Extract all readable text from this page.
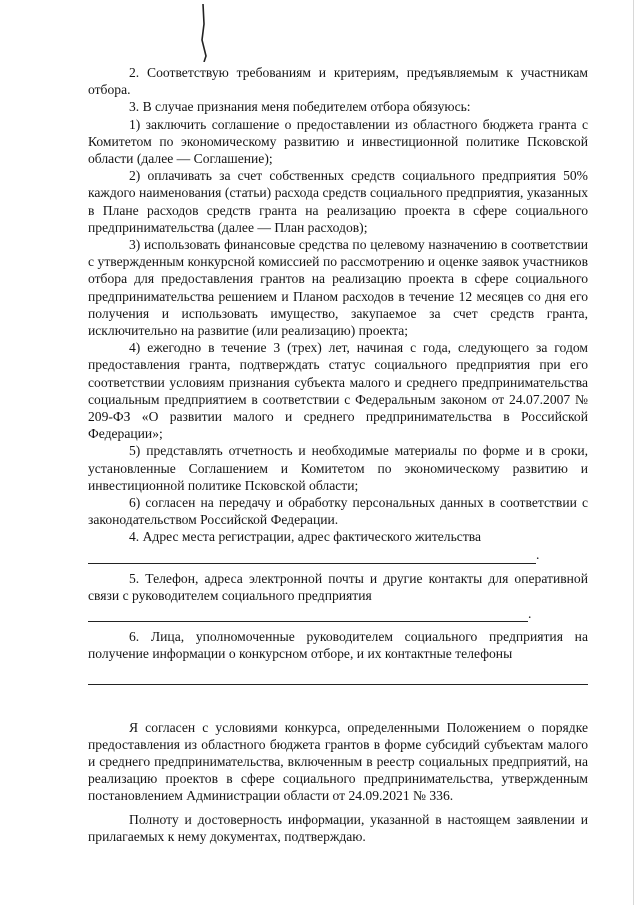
2. Соответствую требованиям и критериям, предъявляемым к участникам отбора.

3. В случае признания меня победителем отбора обязуюсь:

1) заключить соглашение о предоставлении из областного бюджета гранта с Комитетом по экономическому развитию и инвестиционной политике Псковской области (далее — Соглашение);

2) оплачивать за счет собственных средств социального предприятия 50% каждого наименования (статьи) расхода средств социального предприятия, указанных в Плане расходов средств гранта на реализацию проекта в сфере социального предпринимательства (далее — План расходов);

3) использовать финансовые средства по целевому назначению в соответствии с утвержденным конкурсной комиссией по рассмотрению и оценке заявок участников отбора для предоставления грантов на реализацию проекта в сфере социального предпринимательства решением и Планом расходов в течение 12 месяцев со дня его получения и использовать имущество, закупаемое за счет средств гранта, исключительно на развитие (или реализацию) проекта;

4) ежегодно в течение 3 (трех) лет, начиная с года, следующего за годом предоставления гранта, подтверждать статус социального предприятия при его соответствии условиям признания субъекта малого и среднего предпринимательства социальным предприятием в соответствии с Федеральным законом от 24.07.2007 № 209-ФЗ «О развитии малого и среднего предпринимательства в Российской Федерации»;

5) представлять отчетность и необходимые материалы по форме и в сроки, установленные Соглашением и Комитетом по экономическому развитию и инвестиционной политике Псковской области;

6) согласен на передачу и обработку персональных данных в соответствии с законодательством Российской Федерации.

4. Адрес места регистрации, адрес фактического жительства

.

5. Телефон, адреса электронной почты и другие контакты для оперативной связи с руководителем социального предприятия

.

6. Лица, уполномоченные руководителем социального предприятия на получение информации о конкурсном отборе, и их контактные телефоны

Я согласен с условиями конкурса, определенными Положением о порядке предоставления из областного бюджета грантов в форме субсидий субъектам малого и среднего предпринимательства, включенным в реестр социальных предприятий, на реализацию проектов в сфере социального предпринимательства, утвержденным постановлением Администрации области от 24.09.2021 № 336.

Полноту и достоверность информации, указанной в настоящем заявлении и прилагаемых к нему документах, подтверждаю.
